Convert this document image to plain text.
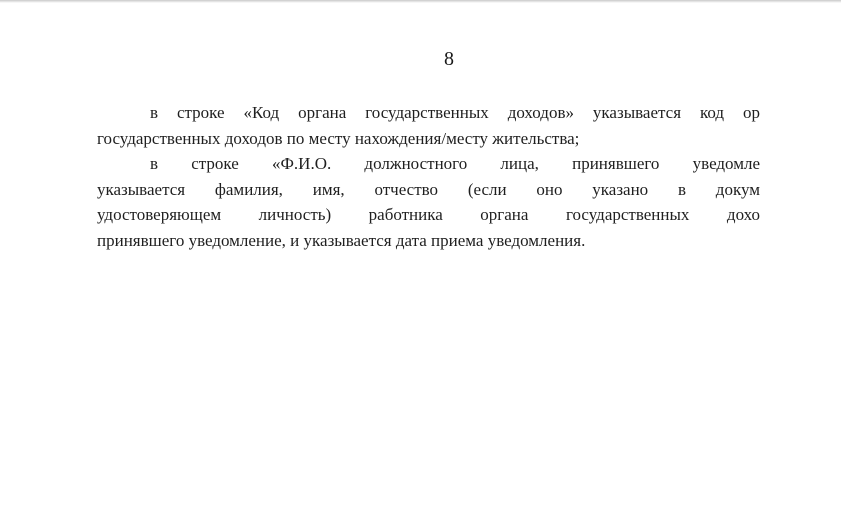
8
в строке «Код органа государственных доходов» указывается код ор
государственных доходов по месту нахождения/месту жительства;
в строке «Ф.И.О. должностного лица, принявшего уведомле
указывается фамилия, имя, отчество (если оно указано в докум
удостоверяющем личность) работника органа государственных дохо
принявшего уведомление, и указывается дата приема уведомления.
